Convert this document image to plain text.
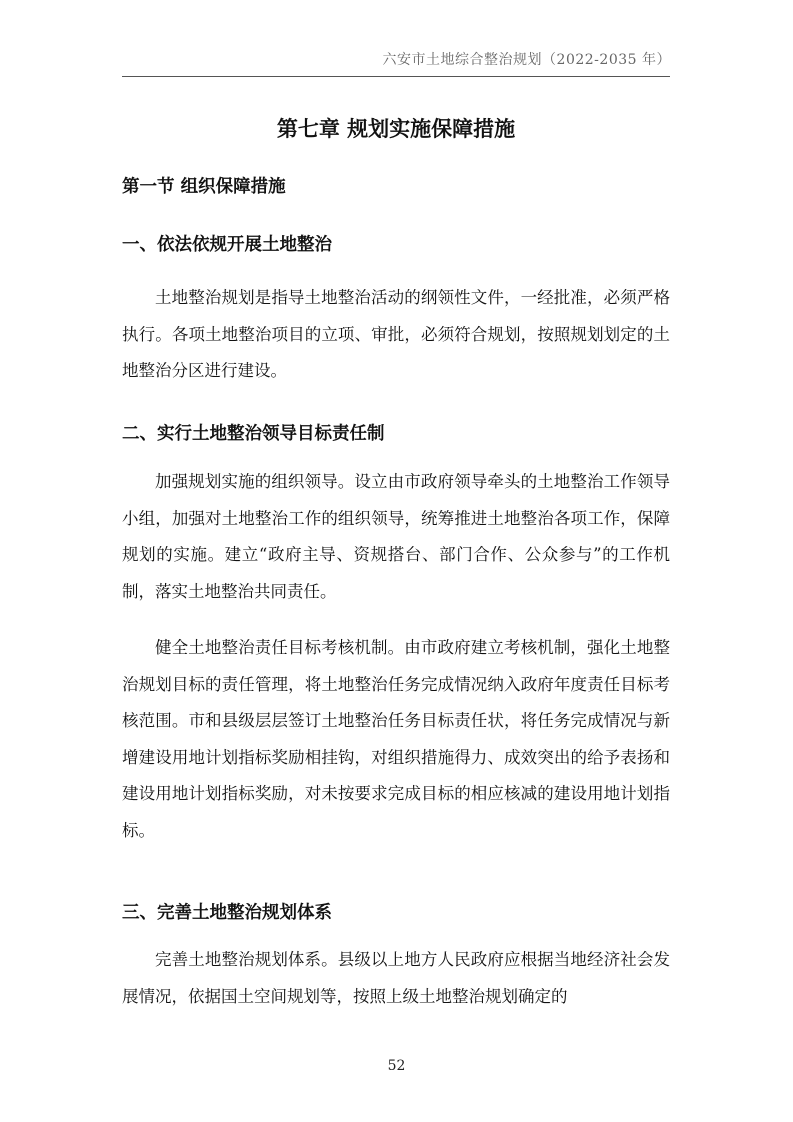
六安市土地综合整治规划（2022-2035 年）
第七章 规划实施保障措施
第一节 组织保障措施
一、依法依规开展土地整治

土地整治规划是指导土地整治活动的纲领性文件，一经批准，必须严格执行。各项土地整治项目的立项、审批，必须符合规划，按照规划划定的土地整治分区进行建设。

二、实行土地整治领导目标责任制

加强规划实施的组织领导。设立由市政府领导牵头的土地整治工作领导小组，加强对土地整治工作的组织领导，统筹推进土地整治各项工作，保障规划的实施。建立“政府主导、资规搭台、部门合作、公众参与”的工作机制，落实土地整治共同责任。

健全土地整治责任目标考核机制。由市政府建立考核机制，强化土地整治规划目标的责任管理，将土地整治任务完成情况纳入政府年度责任目标考核范围。市和县级层层签订土地整治任务目标责任状，将任务完成情况与新增建设用地计划指标奖励相挂钩，对组织措施得力、成效突出的给予表扬和建设用地计划指标奖励，对未按要求完成目标的相应核减的建设用地计划指标。

三、完善土地整治规划体系

完善土地整治规划体系。县级以上地方人民政府应根据当地经济社会发展情况，依据国土空间规划等，按照上级土地整治规划确定的

52
